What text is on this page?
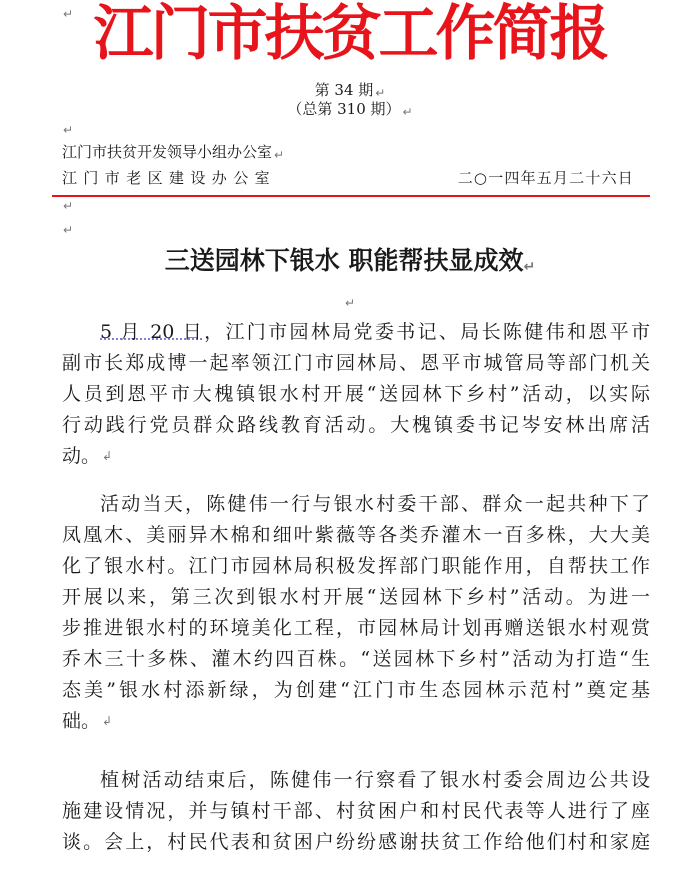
↵ 江门市扶贫工作简报
第 34 期 ↵
（总第 310 期） ↵
↵
江门市扶贫开发领导小组办公室 ↵
江门市老区建设办公室	二○一四年五月二十六日
↵
↵
三送园林下银水 职能帮扶显成效↵
↵
5 月 20 日，江门市园林局党委书记、局长陈健伟和恩平市
副市长郑成博一起率领江门市园林局、恩平市城管局等部门机关
人员到恩平市大槐镇银水村开展“送园林下乡村”活动，以实际
行动践行党员群众路线教育活动。大槐镇委书记岑安林出席活
动。 ↲
活动当天，陈健伟一行与银水村委干部、群众一起共种下了
凤凰木、美丽异木棉和细叶紫薇等各类乔灌木一百多株，大大美
化了银水村。江门市园林局积极发挥部门职能作用，自帮扶工作
开展以来，第三次到银水村开展“送园林下乡村”活动。为进一
步推进银水村的环境美化工程，市园林局计划再赠送银水村观赏
乔木三十多株、灌木约四百株。“送园林下乡村”活动为打造“生
态美”银水村添新绿，为创建“江门市生态园林示范村”奠定基
础。 ↲
植树活动结束后，陈健伟一行察看了银水村委会周边公共设
施建设情况，并与镇村干部、村贫困户和村民代表等人进行了座
谈。会上，村民代表和贫困户纷纷感谢扶贫工作给他们村和家庭
